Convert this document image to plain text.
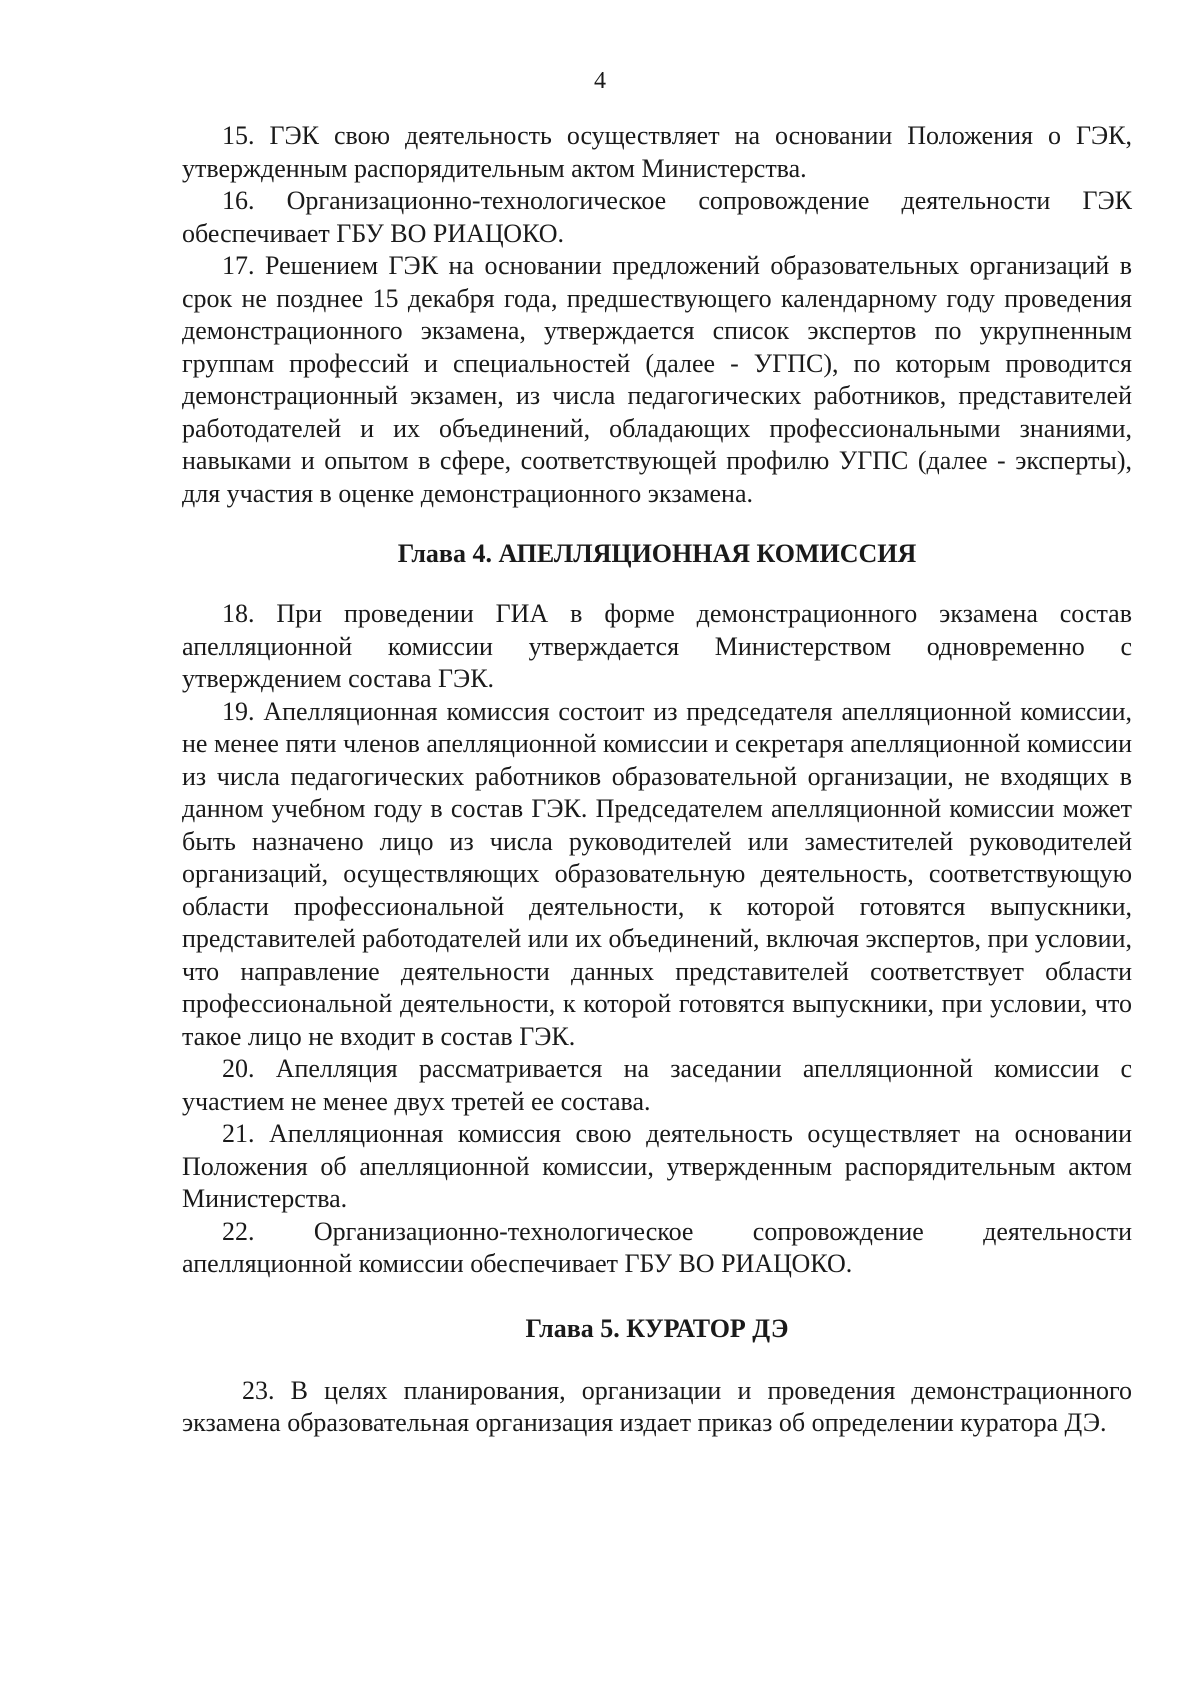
4

15. ГЭК свою деятельность осуществляет на основании Положения о ГЭК, утвержденным распорядительным актом Министерства.

16. Организационно-технологическое сопровождение деятельности ГЭК обеспечивает ГБУ ВО РИАЦОКО.

17. Решением ГЭК на основании предложений образовательных организаций в срок не позднее 15 декабря года, предшествующего календарному году проведения демонстрационного экзамена, утверждается список экспертов по укрупненным группам профессий и специальностей (далее - УГПС), по которым проводится демонстрационный экзамен, из числа педагогических работников, представителей работодателей и их объединений, обладающих профессиональными знаниями, навыками и опытом в сфере, соответствующей профилю УГПС (далее - эксперты), для участия в оценке демонстрационного экзамена.

Глава 4. АПЕЛЛЯЦИОННАЯ КОМИССИЯ

18. При проведении ГИА в форме демонстрационного экзамена состав апелляционной комиссии утверждается Министерством одновременно с утверждением состава ГЭК.

19. Апелляционная комиссия состоит из председателя апелляционной комиссии, не менее пяти членов апелляционной комиссии и секретаря апелляционной комиссии из числа педагогических работников образовательной организации, не входящих в данном учебном году в состав ГЭК. Председателем апелляционной комиссии может быть назначено лицо из числа руководителей или заместителей руководителей организаций, осуществляющих образовательную деятельность, соответствующую области профессиональной деятельности, к которой готовятся выпускники, представителей работодателей или их объединений, включая экспертов, при условии, что направление деятельности данных представителей соответствует области профессиональной деятельности, к которой готовятся выпускники, при условии, что такое лицо не входит в состав ГЭК.

20. Апелляция рассматривается на заседании апелляционной комиссии с участием не менее двух третей ее состава.

21. Апелляционная комиссия свою деятельность осуществляет на основании Положения об апелляционной комиссии, утвержденным распорядительным актом Министерства.

22. Организационно-технологическое сопровождение деятельности апелляционной комиссии обеспечивает ГБУ ВО РИАЦОКО.

Глава 5. КУРАТОР ДЭ

23. В целях планирования, организации и проведения демонстрационного экзамена образовательная организация издает приказ об определении куратора ДЭ.
